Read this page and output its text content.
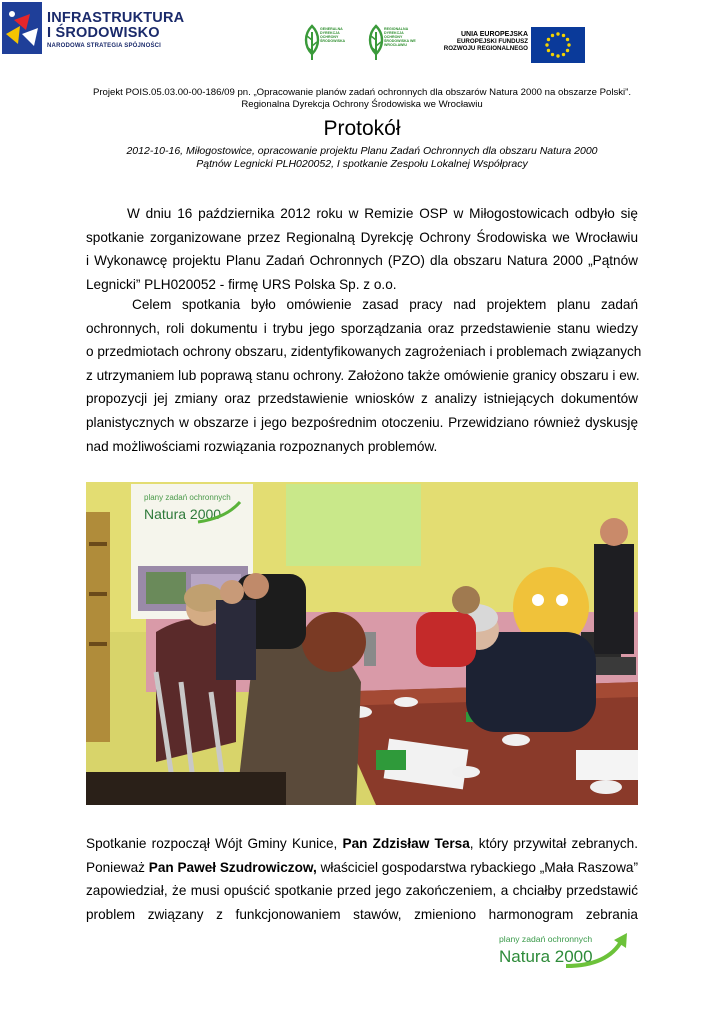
INFRASTRUKTURA
I ŚRODOWISKO
NARODOWA STRATEGIA SPÓJNOŚCI
GENERALNA DYREKCJA OCHRONY ŚRODOWISKA
REGIONALNA DYREKCJA OCHRONY ŚRODOWISKA WE WROCŁAWIU
UNIA EUROPEJSKA
EUROPEJSKI FUNDUSZ
ROZWOJU REGIONALNEGO
Projekt POIS.05.03.00-00-186/09 pn. „Opracowanie planów zadań ochronnych dla obszarów Natura 2000 na obszarze Polski”.
Regionalna Dyrekcja Ochrony Środowiska we Wrocławiu
Protokół
2012-10-16, Miłogostowice, opracowanie projektu Planu Zadań Ochronnych dla obszaru Natura 2000
Pątnów Legnicki PLH020052, I spotkanie Zespołu Lokalnej Współpracy
W dniu 16 października 2012 roku w Remizie OSP w Miłogostowicach odbyło się
spotkanie zorganizowane przez Regionalną Dyrekcję Ochrony Środowiska we Wrocławiu
i Wykonawcę projektu Planu Zadań Ochronnych (PZO) dla obszaru Natura 2000 „Pątnów
Legnicki” PLH020052 - firmę URS Polska Sp. z o.o.
Celem spotkania było omówienie zasad pracy nad projektem planu zadań
ochronnych, roli dokumentu i trybu jego sporządzania oraz przedstawienie stanu wiedzy
o przedmiotach ochrony obszaru, zidentyfikowanych zagrożeniach i problemach związanych
z utrzymaniem lub poprawą stanu ochrony. Założono także omówienie granicy obszaru i ew.
propozycji jej zmiany oraz przedstawienie wniosków z analizy istniejących dokumentów
planistycznych w obszarze i jego bezpośrednim otoczeniu. Przewidziano również dyskusję
nad możliwościami rozwiązania rozpoznanych problemów.
plany zadań ochronnych
Natura 2000
Spotkanie rozpoczął Wójt Gminy Kunice, Pan Zdzisław Tersa, który przywitał zebranych.
Ponieważ Pan Paweł Szudrowiczow, właściciel gospodarstwa rybackiego „Mała Raszowa”
zapowiedział, że musi opuścić spotkanie przed jego zakończeniem, a chciałby przedstawić
problem związany z funkcjonowaniem stawów, zmieniono harmonogram zebrania
plany zadań ochronnych
Natura 2000
